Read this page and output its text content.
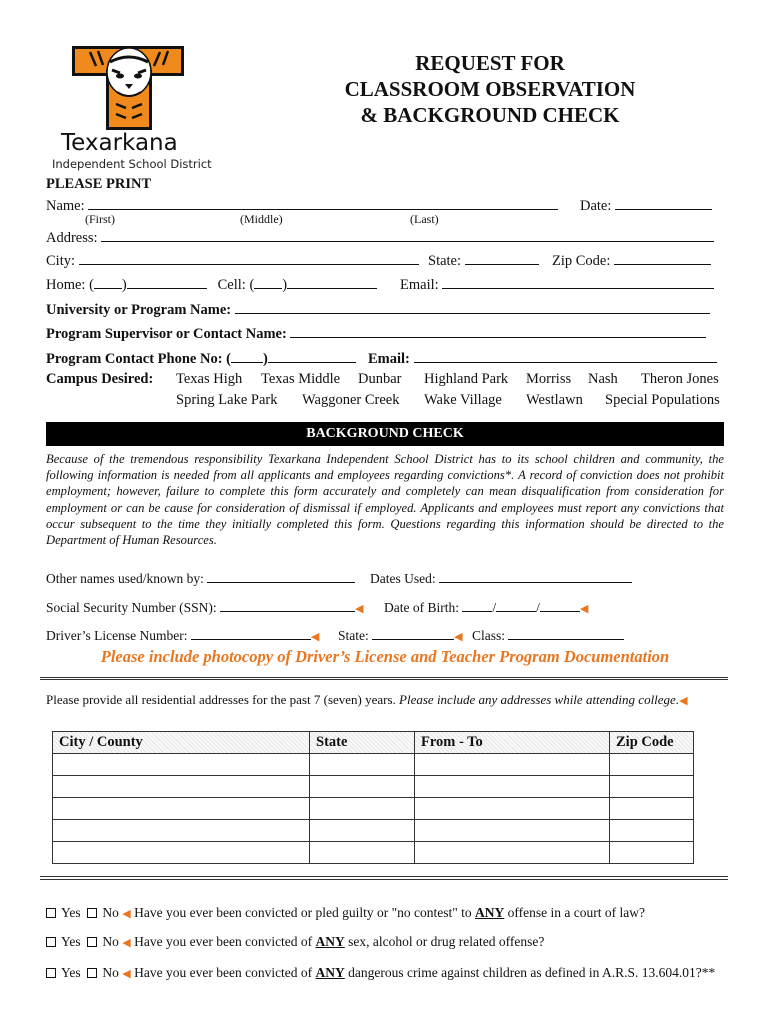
Texarkana
Independent School District
REQUEST FOR
CLASSROOM OBSERVATION
& BACKGROUND CHECK
PLEASE PRINT
Name:	Date:
(First)	(Middle)	(Last)
Address:
City:	State:	Zip Code:
Home: ( )	Cell: ( )	Email:
University or Program Name:
Program Supervisor or Contact Name:
Program Contact Phone No: ( )	Email:
Campus Desired: Texas High Texas Middle Dunbar Highland Park Morriss Nash Theron Jones
Spring Lake Park Waggoner Creek Wake Village Westlawn Special Populations
BACKGROUND CHECK
Because of the tremendous responsibility Texarkana Independent School District has to its school children and community, the following information is needed from all applicants and employees regarding convictions*. A record of conviction does not prohibit employment; however, failure to complete this form accurately and completely can mean disqualification from consideration for employment or can be cause for consideration of dismissal if employed. Applicants and employees must report any convictions that occur subsequent to the time they initially completed this form. Questions regarding this information should be directed to the Department of Human Resources.
Other names used/known by:	Dates Used:
Social Security Number (SSN):	◀ Date of Birth: /	/	◀
Driver’s License Number:	◀ State:	◀ Class:
Please include photocopy of Driver’s License and Teacher Program Documentation
Please provide all residential addresses for the past 7 (seven) years. Please include any addresses while attending college.◀
City / County	State	From - To	Zip Code

Yes No ◀ Have you ever been convicted or pled guilty or "no contest" to ANY offense in a court of law?
Yes No ◀ Have you ever been convicted of ANY sex, alcohol or drug related offense?
Yes No ◀ Have you ever been convicted of ANY dangerous crime against children as defined in A.R.S. 13.604.01?**
